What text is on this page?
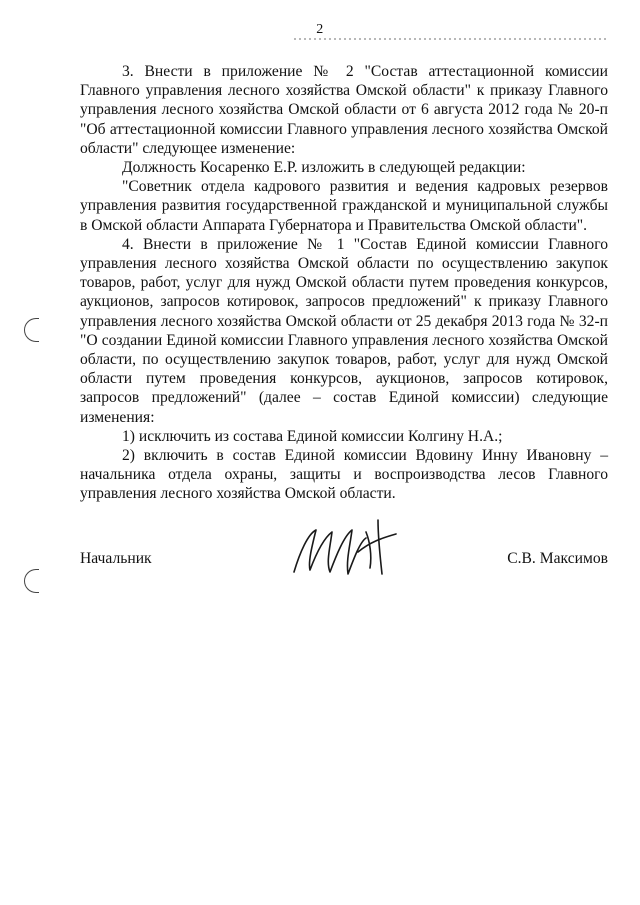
2

3. Внести в приложение № 2 "Состав аттестационной комиссии Главного управления лесного хозяйства Омской области" к приказу Главного управления лесного хозяйства Омской области от 6 августа 2012 года № 20-п "Об аттестационной комиссии Главного управления лесного хозяйства Омской области" следующее изменение:

Должность Косаренко Е.Р. изложить в следующей редакции:

"Советник отдела кадрового развития и ведения кадровых резервов управления развития государственной гражданской и муниципальной службы в Омской области Аппарата Губернатора и Правительства Омской области".

4. Внести в приложение № 1 "Состав Единой комиссии Главного управления лесного хозяйства Омской области по осуществлению закупок товаров, работ, услуг для нужд Омской области путем проведения конкурсов, аукционов, запросов котировок, запросов предложений" к приказу Главного управления лесного хозяйства Омской области от 25 декабря 2013 года № 32-п "О создании Единой комиссии Главного управления лесного хозяйства Омской области, по осуществлению закупок товаров, работ, услуг для нужд Омской области путем проведения конкурсов, аукционов, запросов котировок, запросов предложений" (далее – состав Единой комиссии) следующие изменения:

1) исключить из состава Единой комиссии Колгину Н.А.;

2) включить в состав Единой комиссии Вдовину Инну Ивановну – начальника отдела охраны, защиты и воспроизводства лесов Главного управления лесного хозяйства Омской области.

Начальник	С.В. Максимов
